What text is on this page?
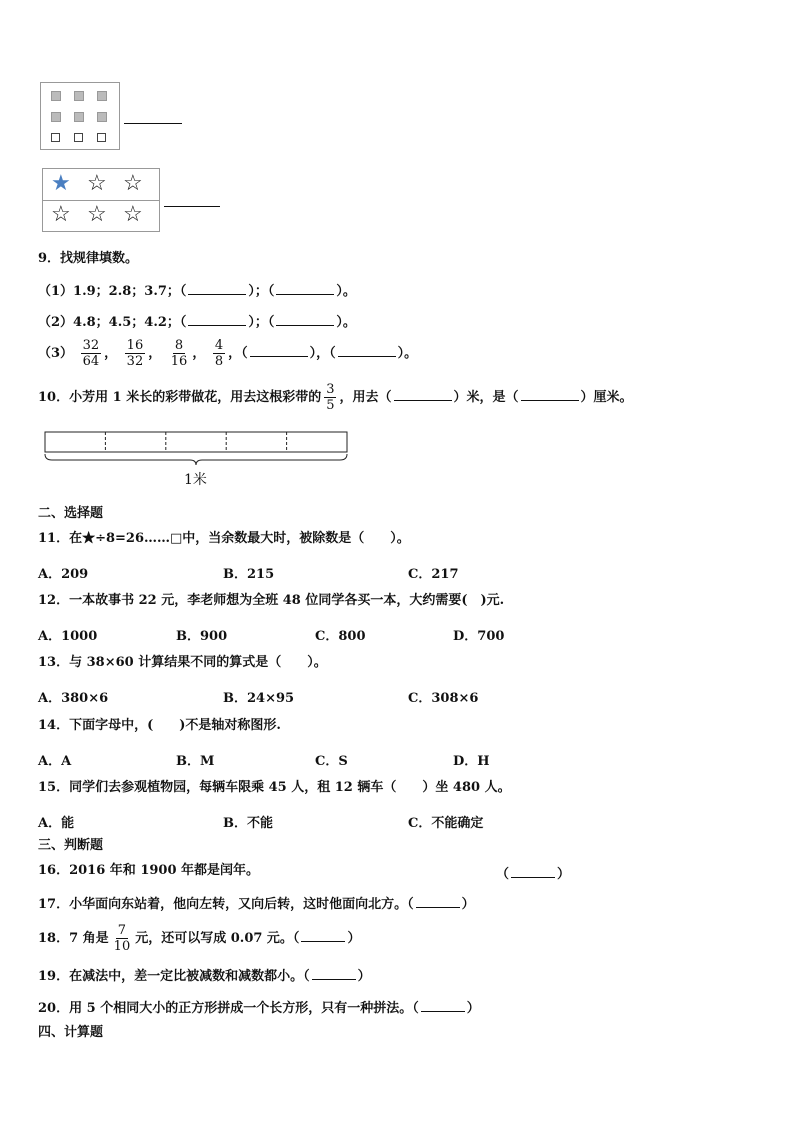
★ ☆ ☆
☆ ☆ ☆
9．找规律填数。
（1）1.9；2.8；3.7；（	）；（	）。
（2）4.8；4.5；4.2；（	）；（	）。
$(3) \frac{32}{64}$ ， $\frac{16}{32}$ ， $\frac{8}{16}$ ， $\frac{4}{8}$ ，（	），（	）。
10．小芳用 1 米长的彩带做花，用去这根彩带的 $\frac{3}{5}$ ，用去（	）米，是（	）厘米。
1米
二、选择题
11．在★÷8=26……□中，当余数最大时，被除数是（　　）。
A．209	B．215	C．217
12．一本故事书 22 元，李老师想为全班 48 位同学各买一本，大约需要(　)元.
A．1000	B．900	C．800	D．700
13．与 38×60 计算结果不同的算式是（　　）。
A．380×6	B．24×95	C．308×6
14．下面字母中，(　　)不是轴对称图形.
A．A	B．M	C．S	D．H
15．同学们去参观植物园，每辆车限乘 45 人，租 12 辆车（　　）坐 480 人。
A．能	B．不能	C．不能确定
三、判断题
16．2016 年和 1900 年都是闰年。	（	）
17．小华面向东站着，他向左转，又向后转，这时他面向北方。（	）
18．7 角是 $\frac{7}{10}$ 元，还可以写成 0.07 元。（	）
19．在减法中，差一定比被减数和减数都小。（	）
20．用 5 个相同大小的正方形拼成一个长方形，只有一种拼法。（	）
四、计算题
